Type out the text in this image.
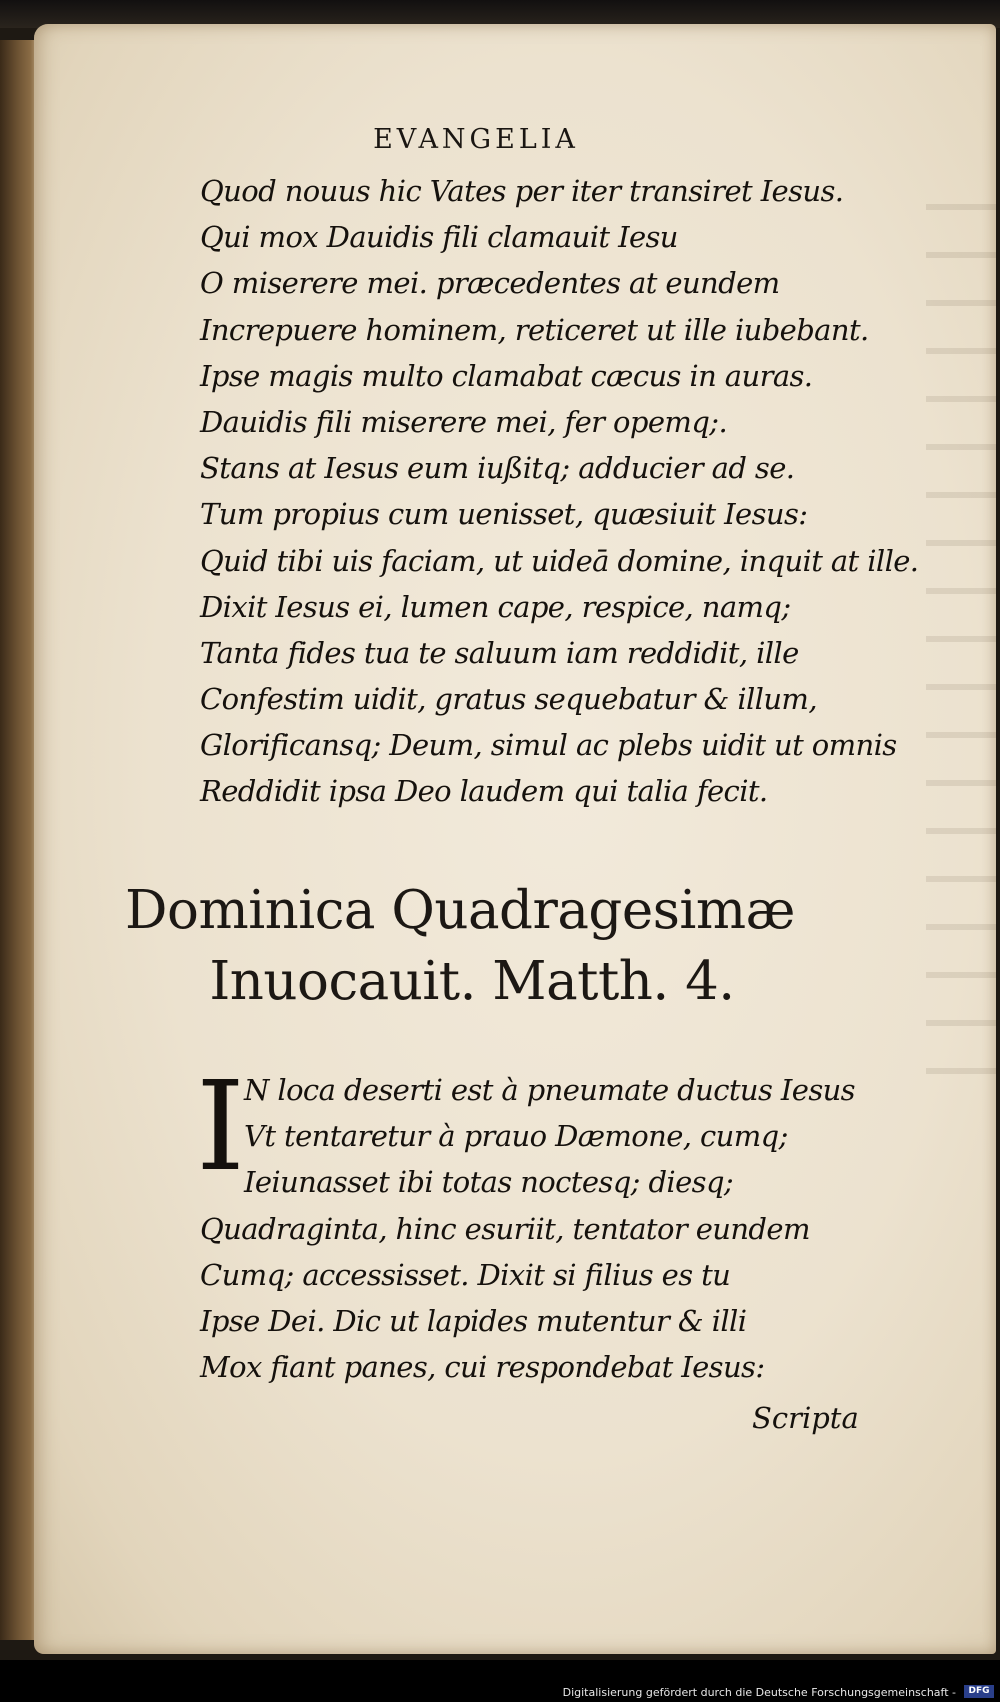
EVANGELIA
Quod nouus hic Vates per iter transiret Iesus.
Qui mox Dauidis fili clamauit Iesu
O miserere mei. præcedentes at eundem
Increpuere hominem, reticeret ut ille iubebant.
Ipse magis multo clamabat cæcus in auras.
Dauidis fili miserere mei, fer opemq;.
Stans at Iesus eum iußitq; adducier ad se.
Tum propius cum uenisset, quæsiuit Iesus:
Quid tibi uis faciam, ut uideā domine, inquit at ille.
Dixit Iesus ei, lumen cape, respice, namq;
Tanta fides tua te saluum iam reddidit, ille
Confestim uidit, gratus sequebatur & illum,
Glorificansq; Deum, simul ac plebs uidit ut omnis
Reddidit ipsa Deo laudem qui talia fecit.
Dominica Quadragesimæ
Inuocauit. Matth. 4.
I N loca deserti est à pneumate ductus Iesus
Vt tentaretur à prauo Dæmone, cumq;
Ieiunasset ibi totas noctesq; diesq;
Quadraginta, hinc esuriit, tentator eundem
Cumq; accessisset. Dixit si filius es tu
Ipse Dei. Dic ut lapides mutentur & illi
Mox fiant panes, cui respondebat Iesus:
Scripta
Digitalisierung gefördert durch die Deutsche Forschungsgemeinschaft -	DFG
